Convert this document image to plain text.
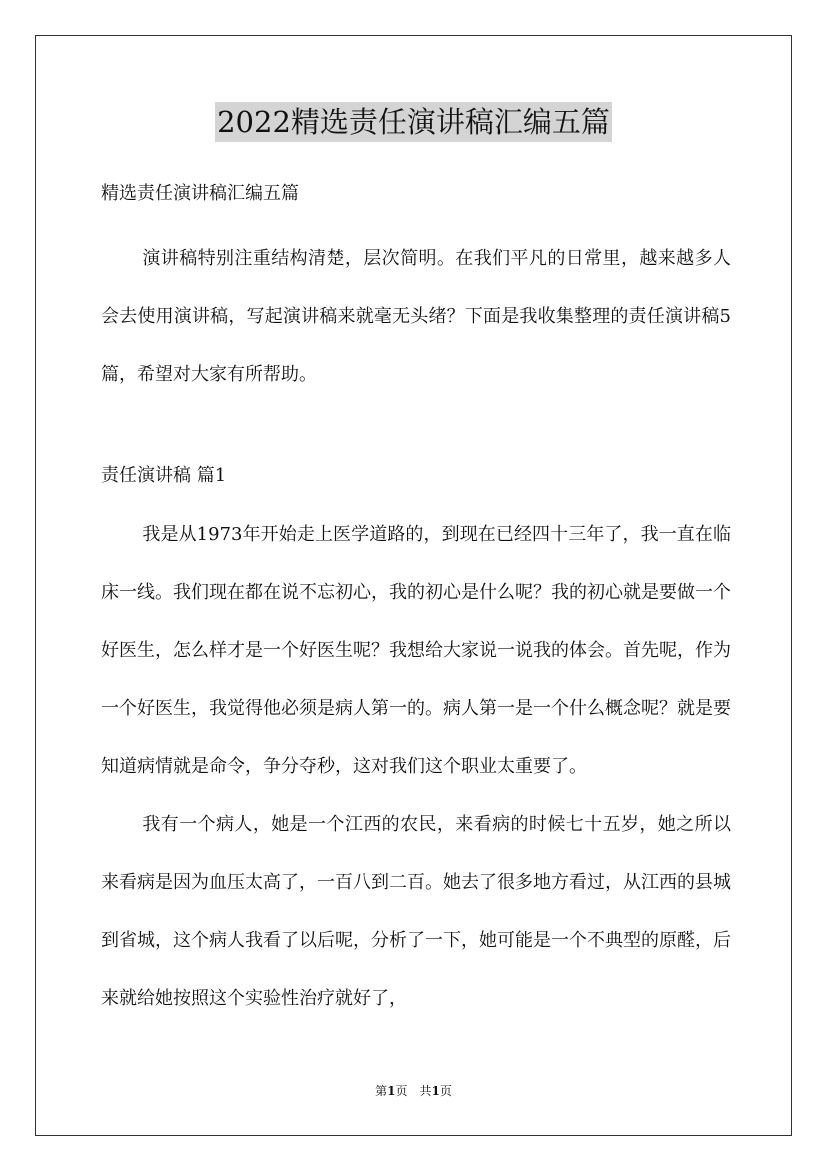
2022精选责任演讲稿汇编五篇

精选责任演讲稿汇编五篇

演讲稿特别注重结构清楚，层次简明。在我们平凡的日常里，越来越多人会去使用演讲稿，写起演讲稿来就毫无头绪？下面是我收集整理的责任演讲稿5篇，希望对大家有所帮助。

责任演讲稿 篇1

我是从1973年开始走上医学道路的，到现在已经四十三年了，我一直在临床一线。我们现在都在说不忘初心，我的初心是什么呢？我的初心就是要做一个好医生，怎么样才是一个好医生呢？我想给大家说一说我的体会。首先呢，作为一个好医生，我觉得他必须是病人第一的。病人第一是一个什么概念呢？就是要知道病情就是命令，争分夺秒，这对我们这个职业太重要了。

我有一个病人，她是一个江西的农民，来看病的时候七十五岁，她之所以来看病是因为血压太高了，一百八到二百。她去了很多地方看过，从江西的县城到省城，这个病人我看了以后呢，分析了一下，她可能是一个不典型的原醛，后来就给她按照这个实验性治疗就好了，

第1页　共1页
